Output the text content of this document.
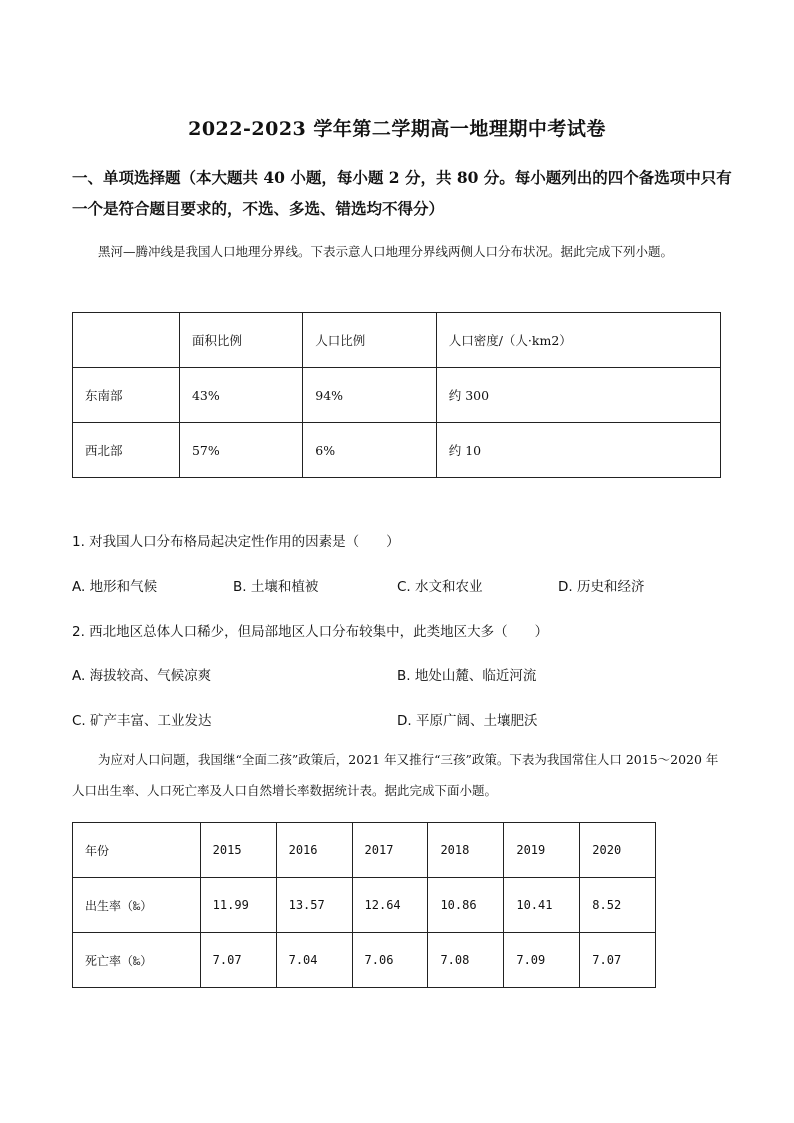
2022-2023 学年第二学期高一地理期中考试卷
一、单项选择题（本大题共 40 小题，每小题 2 分，共 80 分。每小题列出的四个备选项中只有一个是符合题目要求的，不选、多选、错选均不得分）
黑河—腾冲线是我国人口地理分界线。下表示意人口地理分界线两侧人口分布状况。据此完成下列小题。
	面积比例	人口比例	人口密度/（人·km2）
东南部	43%	94%	约 300
西北部	57%	6%	约 10
1. 对我国人口分布格局起决定性作用的因素是（　　）
A. 地形和气候	B. 土壤和植被	C. 水文和农业	D. 历史和经济
2. 西北地区总体人口稀少，但局部地区人口分布较集中，此类地区大多（　　）
A. 海拔较高、气候凉爽	B. 地处山麓、临近河流
C. 矿产丰富、工业发达	D. 平原广阔、土壤肥沃
为应对人口问题，我国继“全面二孩”政策后，2021 年又推行“三孩”政策。下表为我国常住人口 2015～2020 年人口出生率、人口死亡率及人口自然增长率数据统计表。据此完成下面小题。
年份	2015	2016	2017	2018	2019	2020
出生率（‰）	11.99	13.57	12.64	10.86	10.41	8.52
死亡率（‰）	7.07	7.04	7.06	7.08	7.09	7.07
